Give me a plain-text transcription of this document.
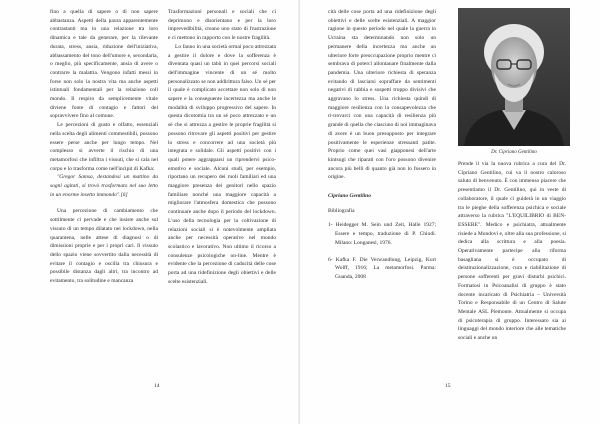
fino a quella di sapere o di non sapere abbastanza. Aspetti della paura apparentemente contrastanti ma in una relazione tra loro dinamica e tale da generare, per la rilevante durata, stress, ansia, riduzione dell'iniziativa, abbassamento del tono dell'umore e, secondaria, o meglio, più specificamente, ansia di avere o contrarre la malattia. Vengono infatti messi in forse non solo la nostra vita ma anche aspetti istintuali fondamentali per la relazione coll mondo. Il respiro da semplicemente vitale diviene fonte di contagio e fattori del sopravvivere fino al comune.

Le percezioni di gusto e olfatto, essenziali nella scelta degli alimenti commestibili, possono essere perse anche per lungo tempo. Nel complesso si avverte il rischio di una metamorfosi che infiltra i vissuti, che si cala nel corpo e lo trasforma come nell'incipit di Kafka:

"Gregor Samsa, destandosi un mattino da sogni agitati, si trovò trasformato nel suo letto in un enorme insetto immondo".[6]

Una percezione di cambiamento che sottilmente ci pervade e che insiste anche sul vissuto di un tempo dilatato nei lockdown, nella quarantena, nelle attese di diagnosi o di dimissioni proprie e per i propri cari. Il vissuto dello spazio viene sovvertito dalla necessità di evitare il contagio e oscilla tra chiusura e possibile distanza dagli altri, tra incontro ad evitamento, tra solitudine e mancanza

Trasformazioni personali e sociali che ci deprimono e disorientano e per la loro imprevedibilità, creano uno stato di frustrazione e ci mettono in rapporto con le nostre fragilità.

Lo fanno in una società ormai poco attrezzata a gestire il dolore e dove la sofferenza è diventata quasi un tabù in quei percorsi sociali dell'immagine vincente di un sé molto personalizzato se non addirittura falso. Un sé per il quale è complicato accettare non solo di non sapere e la conseguente incertezza ma anche le modalità di sviluppo progressivo del sapere. In questa dicotomia tra un sé poco attrezzato e un sé che si attrezza a gestire le proprie fragilità si possono ritrovare gli aspetti positivi per gestire lo stress e concorrere ad una società più integrata e solidale. Gli aspetti positivi con i quali potere aggrapparsi un riprendervi psico-emotivo e sociale. Alcuni studi, per esempio, riportano un recupero dei ruoli familiari ed una maggiore presenza dei genitori nello spazio familiare nonché una maggiore capacità a migliorare l'atmosfera domestica che possono continuare anche dopo il periodo del lockdown. L'uso della tecnologia per la coltivazione di relazioni sociali si è notevolmente ampliata anche per necessità operative nel mondo scolastico e lavorativo. Non ultimo il ricorso a consulenze psicologiche on-line. Mentre è evidente che la percezione di caducità delle cose porta ad una ridefinizione degli obiettivi e delle scelte esistenziali.

14

cità delle cose porta ad una ridefinizione degli obiettivi e delle scelte esistenziali. A maggior ragione in questo periodo nel quale la guerra in Ucraina sta determinando non solo un permanere della incertezza ma anche un ulteriore forte preoccupazione proprio mentre ci sembrava di poterci allontanare finalmente dalla pandemia. Una ulteriore richiesta di speranza evitando di lasciarsi sopraffare da sentimenti negativi di rabbia e sospetti troppo divisivi che aggravano lo stress. Una richiesta quindi di maggiore resilienza con la consapevolezza che ri-trovarci con una capacità di resilienza più grande di quella che ciascuno di noi immaginava di avere è un buon presupposto per integrare positivamente le esperienze stressanti patite. Proprio come quei vasi giapponesi dell'arte kintsugi che riparati con l'oro possono divenire ancora più belli di quanto già non lo fossero in origine.

Cipriano Gentilino

Bibliografia

1- Heidegger M. Sein und Zeit, Halle 1927; Essere e tempo, traduzione di P. Chiodi. Milano: Longanesi, 1976.

6- Kafka F. Die Verwandlung, Leipzig, Kurt Wolff, 1916; La metamorfosi. Parma: Guanda, 2008

Dr. Cipriano Gentilino

Prende il via la nuova rubrica a cura del Dr. Cipriano Gentilino, cui va il nostro caloroso saluto di benvenuto. È con immenso piacere che presentiamo il Dr. Gentilino, qui in veste di collaboratore, il quale ci guiderà in un viaggio tra le pieghe della sofferenza psichica e sociale attraverso la rubrica "L'EQUILIBRIO di BEN-ESSERE". Medico e psichiatra, attualmente risiede a Mondovì e, oltre alla sua professione, si dedica alla scrittura e alla poesia. Operativamente partecipe alla riforma basagliana si è occupato di deistituzionalizzazione, cura e riabilitazione di persone sofferenti per gravi disturbi psichici. Formatosi in Psicoanalisi di gruppo è stato docente incaricato di Psichiatria – Università Torino e Responsabile di un Centro di Salute Mentale ASL Piemonte. Attualmente si occupa di psicoterapia di gruppo. Interessato sia ai linguaggi del mondo interiore che alle tematiche sociali e anche un

15
